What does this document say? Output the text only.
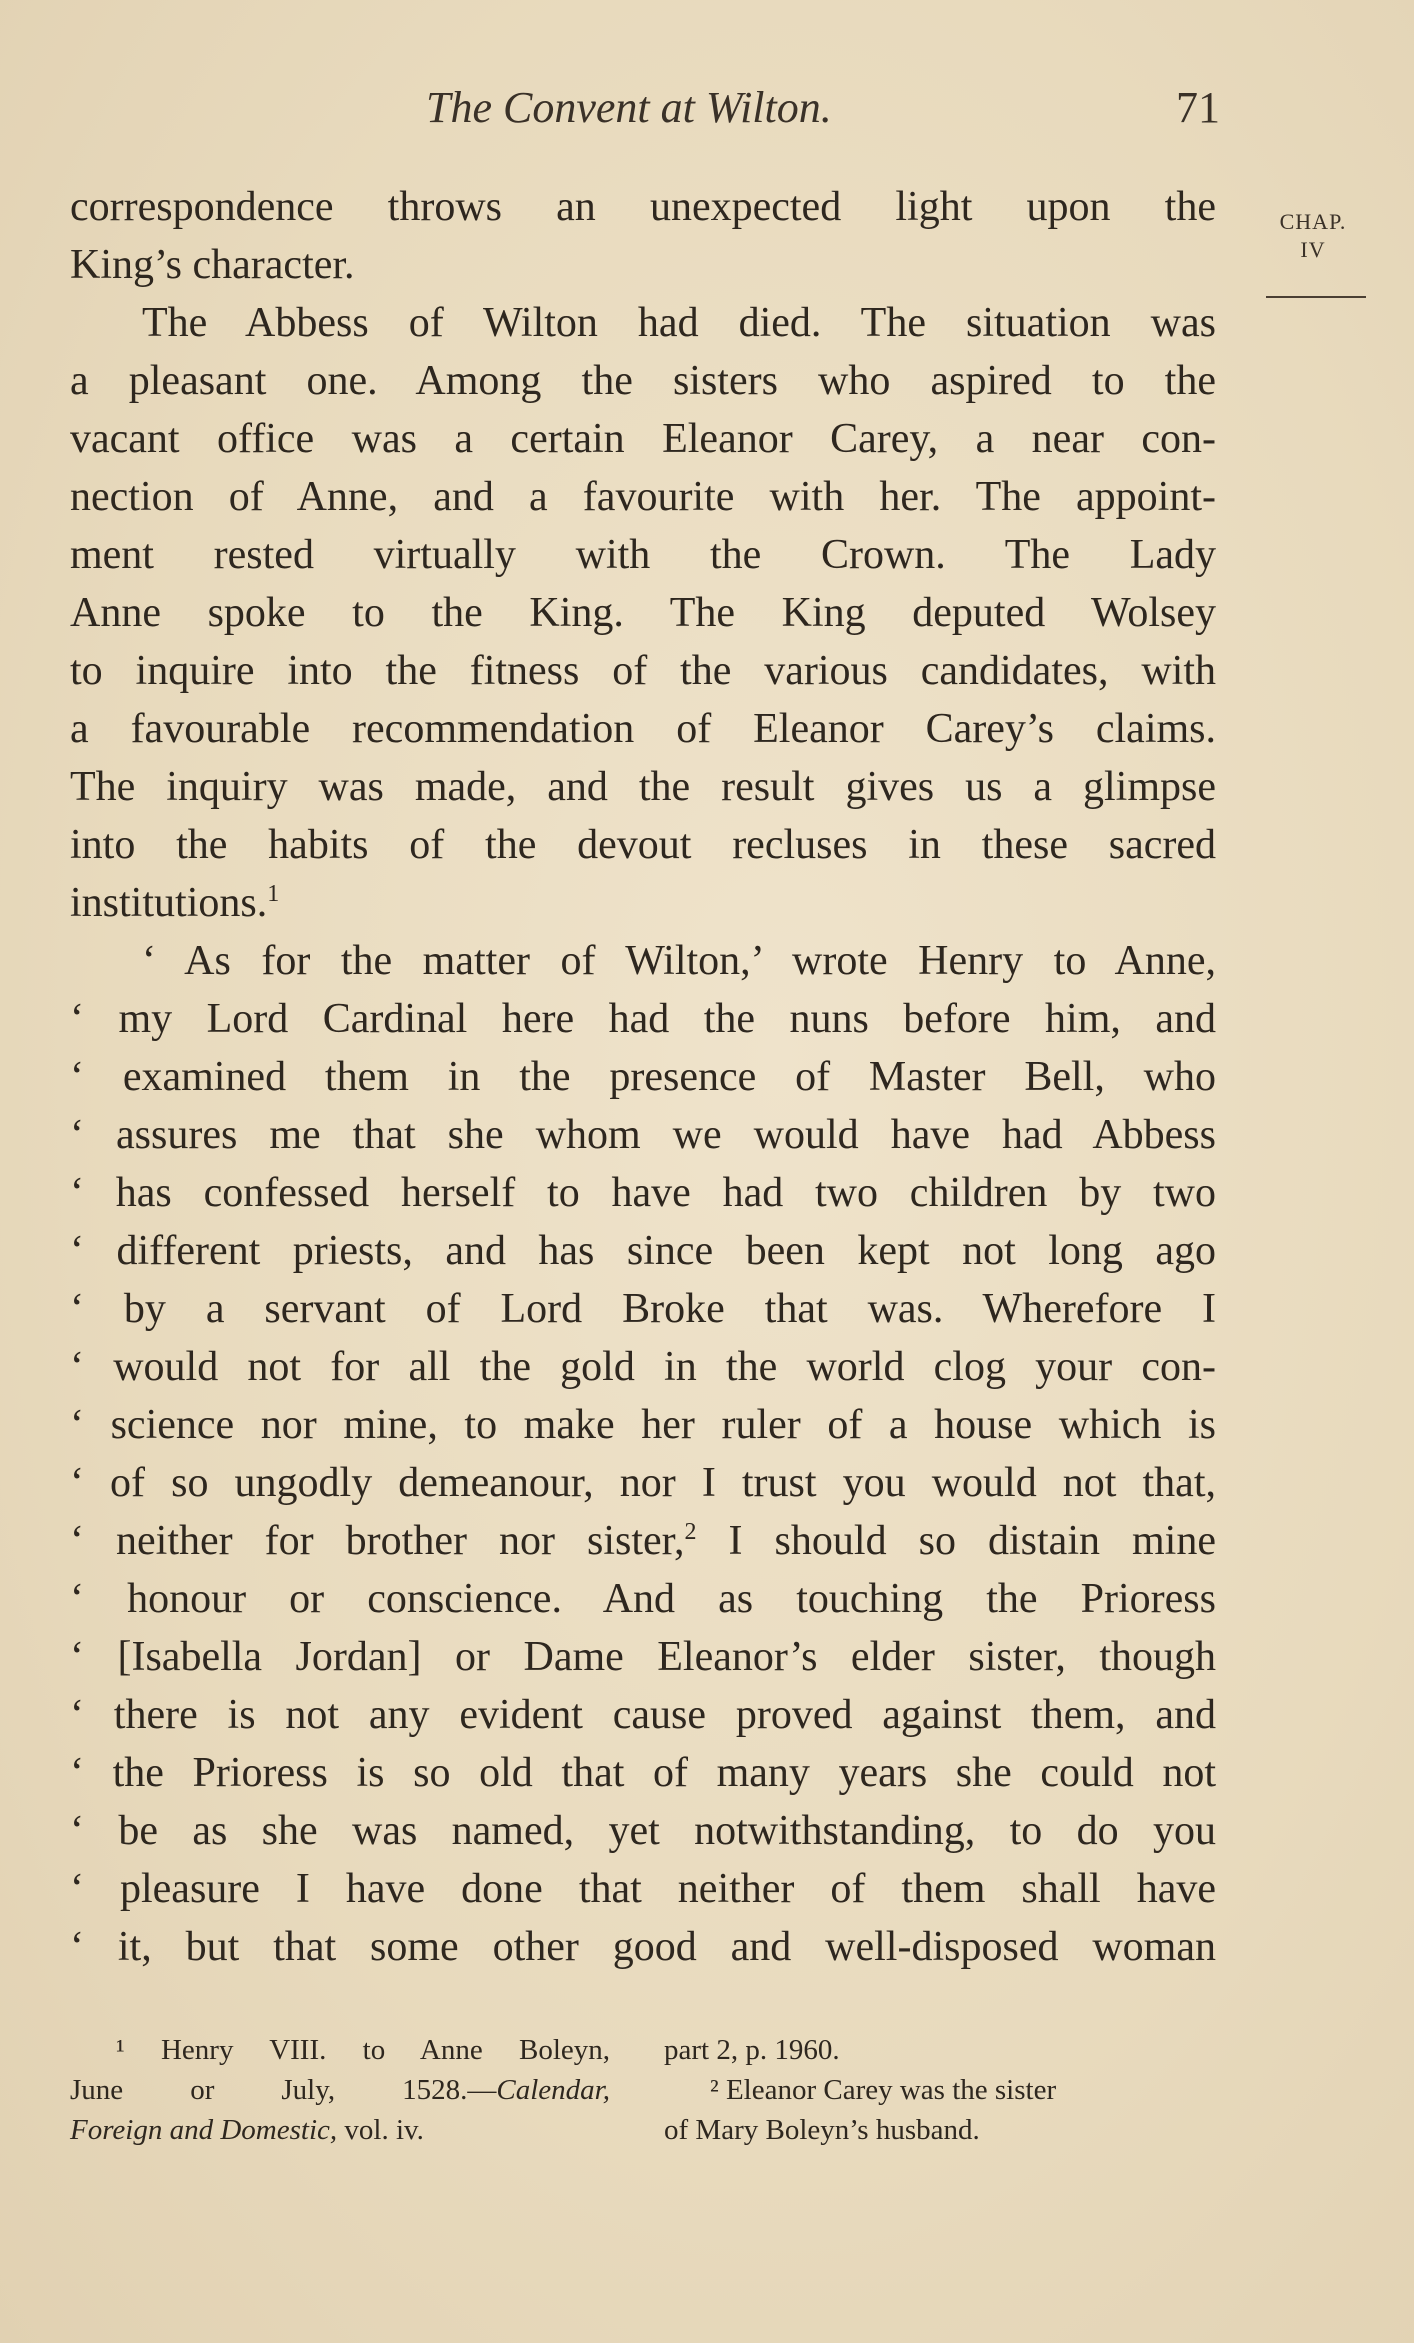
The Convent at Wilton.	71
CHAP.
IV
correspondence throws an unexpected light upon the
King’s character.
The Abbess of Wilton had died. The situation was
a pleasant one. Among the sisters who aspired to the
vacant office was a certain Eleanor Carey, a near con-
nection of Anne, and a favourite with her. The appoint-
ment rested virtually with the Crown. The Lady
Anne spoke to the King. The King deputed Wolsey
to inquire into the fitness of the various candidates, with
a favourable recommendation of Eleanor Carey’s claims.
The inquiry was made, and the result gives us a glimpse
into the habits of the devout recluses in these sacred
institutions.$^1$
‘ As for the matter of Wilton,’ wrote Henry to Anne,
‘ my Lord Cardinal here had the nuns before him, and
‘ examined them in the presence of Master Bell, who
‘ assures me that she whom we would have had Abbess
‘ has confessed herself to have had two children by two
‘ different priests, and has since been kept not long ago
‘ by a servant of Lord Broke that was. Wherefore I
‘ would not for all the gold in the world clog your con-
‘ science nor mine, to make her ruler of a house which is
‘ of so ungodly demeanour, nor I trust you would not that,
‘ neither for brother nor sister,$^2$ I should so distain mine
‘ honour or conscience. And as touching the Prioress
‘ [Isabella Jordan] or Dame Eleanor’s elder sister, though
‘ there is not any evident cause proved against them, and
‘ the Prioress is so old that of many years she could not
‘ be as she was named, yet notwithstanding, to do you
‘ pleasure I have done that neither of them shall have
‘ it, but that some other good and well-disposed woman
¹ Henry VIII. to Anne Boleyn,
June or July, 1528.—Calendar,
Foreign and Domestic, vol. iv.
part 2, p. 1960.
² Eleanor Carey was the sister
of Mary Boleyn’s husband.
